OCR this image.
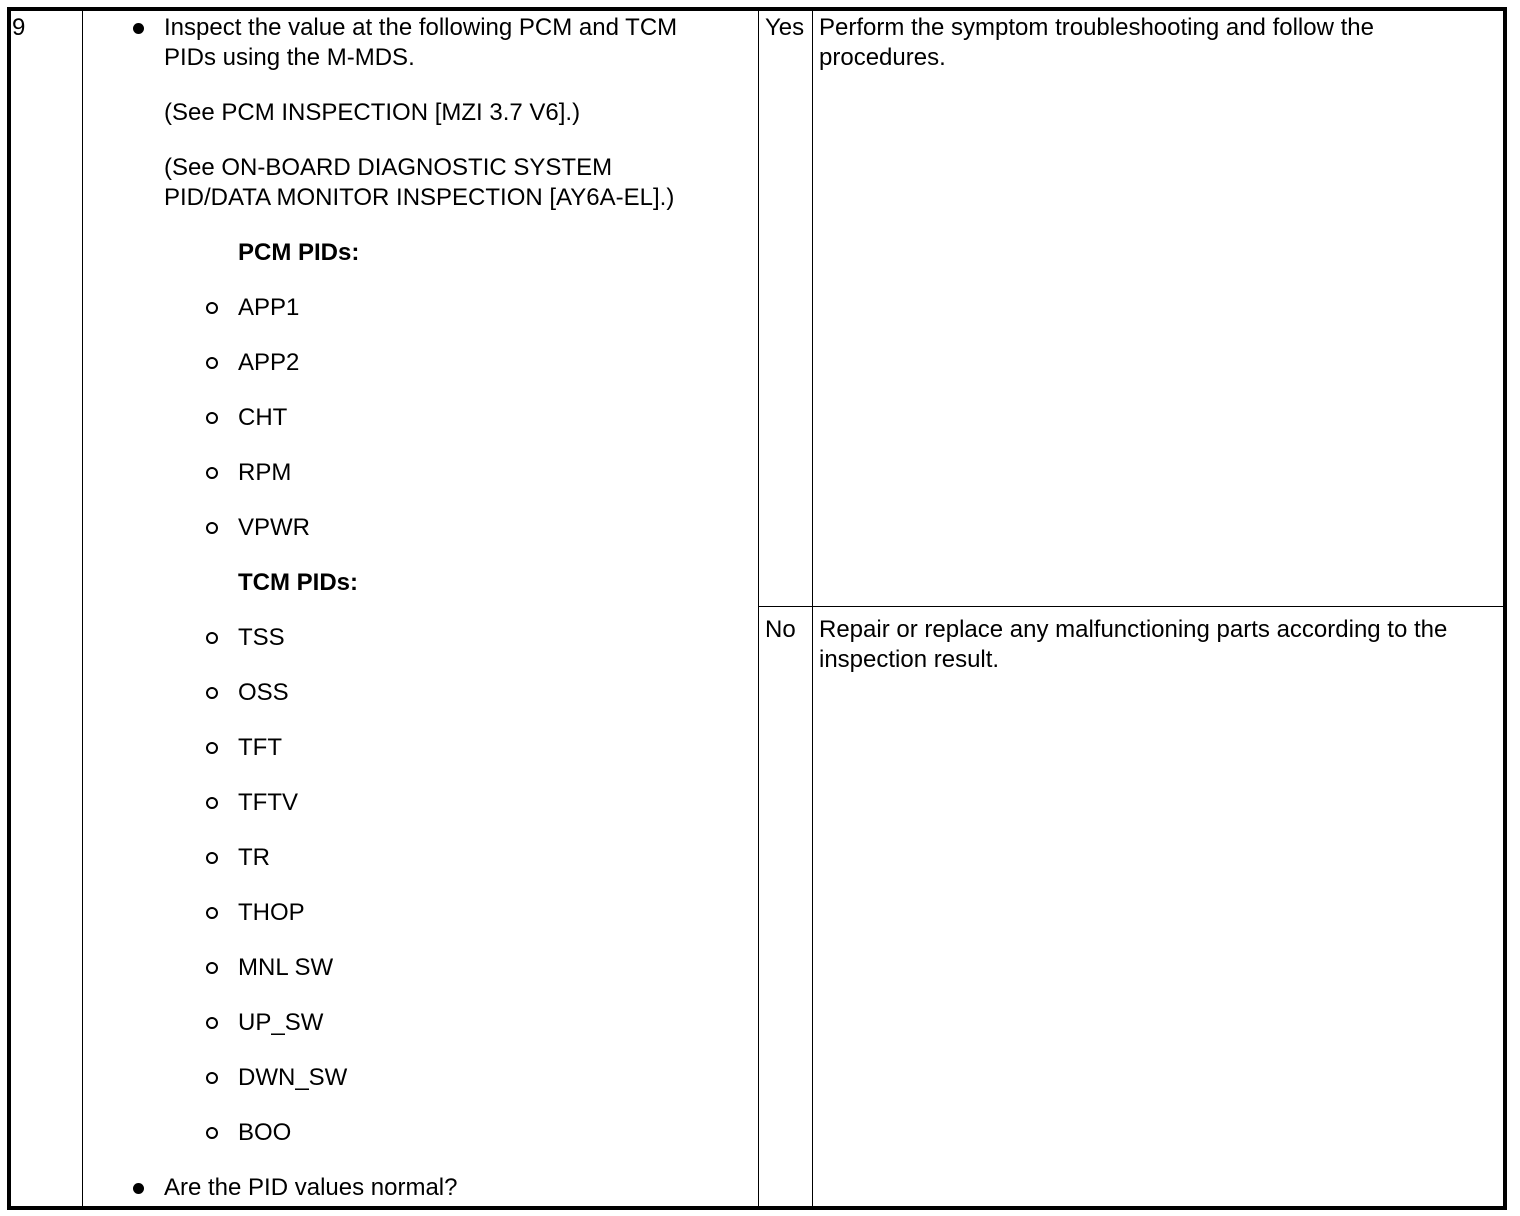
9	Inspect the value at the following PCM and TCM
PIDs using the M-MDS.
(See PCM INSPECTION [MZI 3.7 V6].)
(See ON-BOARD DIAGNOSTIC SYSTEM
PID/DATA MONITOR INSPECTION [AY6A-EL].)
PCM PIDs:
APP1
APP2
CHT
RPM
VPWR
TCM PIDs:
TSS
OSS
TFT
TFTV
TR
THOP
MNL SW
UP_SW
DWN_SW
BOO
Are the PID values normal?
Yes Perform the symptom troubleshooting and follow the
procedures.
No Repair or replace any malfunctioning parts according to the
inspection result.
